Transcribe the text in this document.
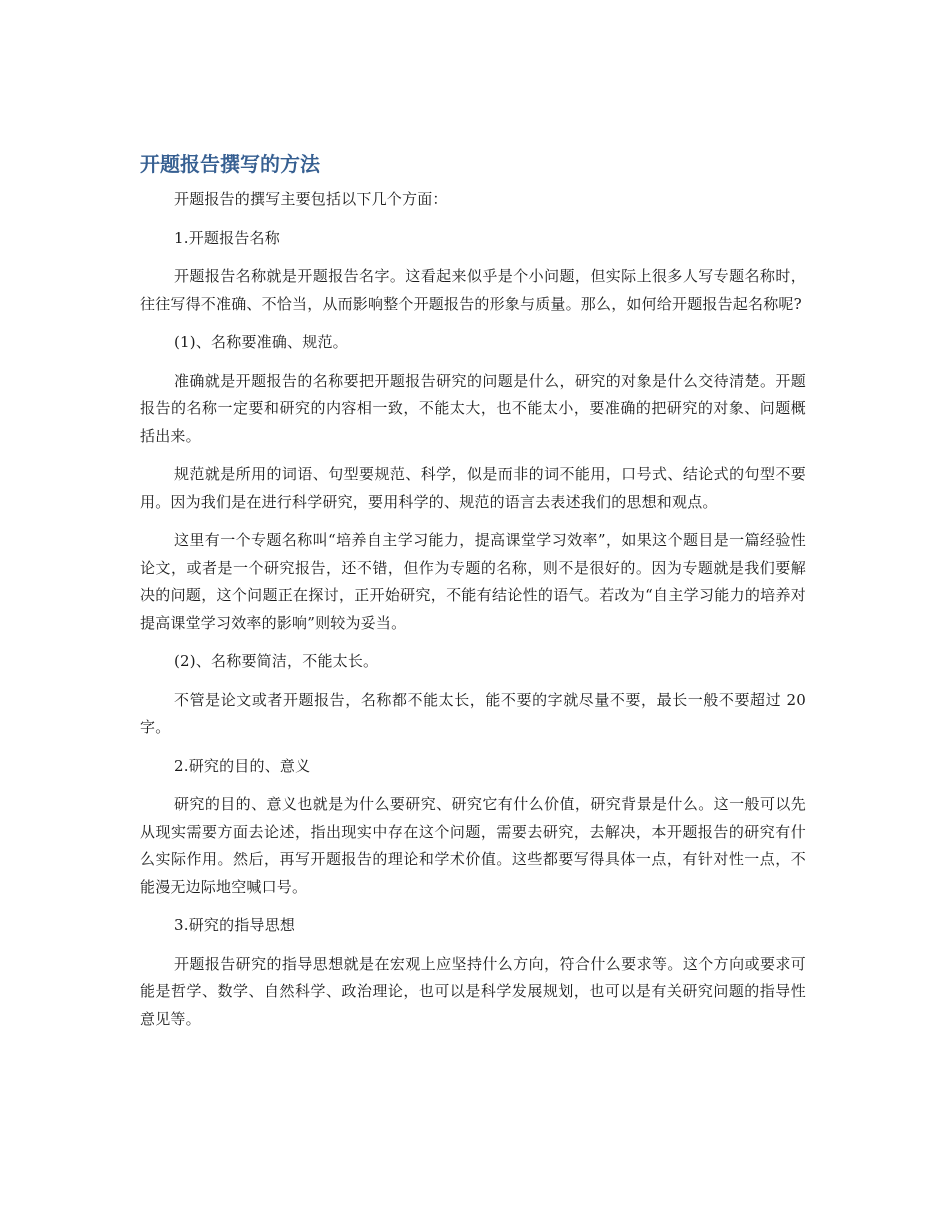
开题报告撰写的方法

开题报告的撰写主要包括以下几个方面：

1.开题报告名称

开题报告名称就是开题报告名字。这看起来似乎是个小问题，但实际上很多人写专题名称时，往往写得不准确、不恰当，从而影响整个开题报告的形象与质量。那么，如何给开题报告起名称呢?

(1)、名称要准确、规范。

准确就是开题报告的名称要把开题报告研究的问题是什么，研究的对象是什么交待清楚。开题报告的名称一定要和研究的内容相一致，不能太大，也不能太小，要准确的把研究的对象、问题概括出来。

规范就是所用的词语、句型要规范、科学，似是而非的词不能用，口号式、结论式的句型不要用。因为我们是在进行科学研究，要用科学的、规范的语言去表述我们的思想和观点。

这里有一个专题名称叫“培养自主学习能力，提高课堂学习效率”，如果这个题目是一篇经验性论文，或者是一个研究报告，还不错，但作为专题的名称，则不是很好的。因为专题就是我们要解决的问题，这个问题正在探讨，正开始研究，不能有结论性的语气。若改为“自主学习能力的培养对提高课堂学习效率的影响”则较为妥当。

(2)、名称要简洁，不能太长。

不管是论文或者开题报告，名称都不能太长，能不要的字就尽量不要，最长一般不要超过 20 字。

2.研究的目的、意义

研究的目的、意义也就是为什么要研究、研究它有什么价值，研究背景是什么。这一般可以先从现实需要方面去论述，指出现实中存在这个问题，需要去研究，去解决，本开题报告的研究有什么实际作用。然后，再写开题报告的理论和学术价值。这些都要写得具体一点，有针对性一点，不能漫无边际地空喊口号。

3.研究的指导思想

开题报告研究的指导思想就是在宏观上应坚持什么方向，符合什么要求等。这个方向或要求可能是哲学、数学、自然科学、政治理论，也可以是科学发展规划，也可以是有关研究问题的指导性意见等。
